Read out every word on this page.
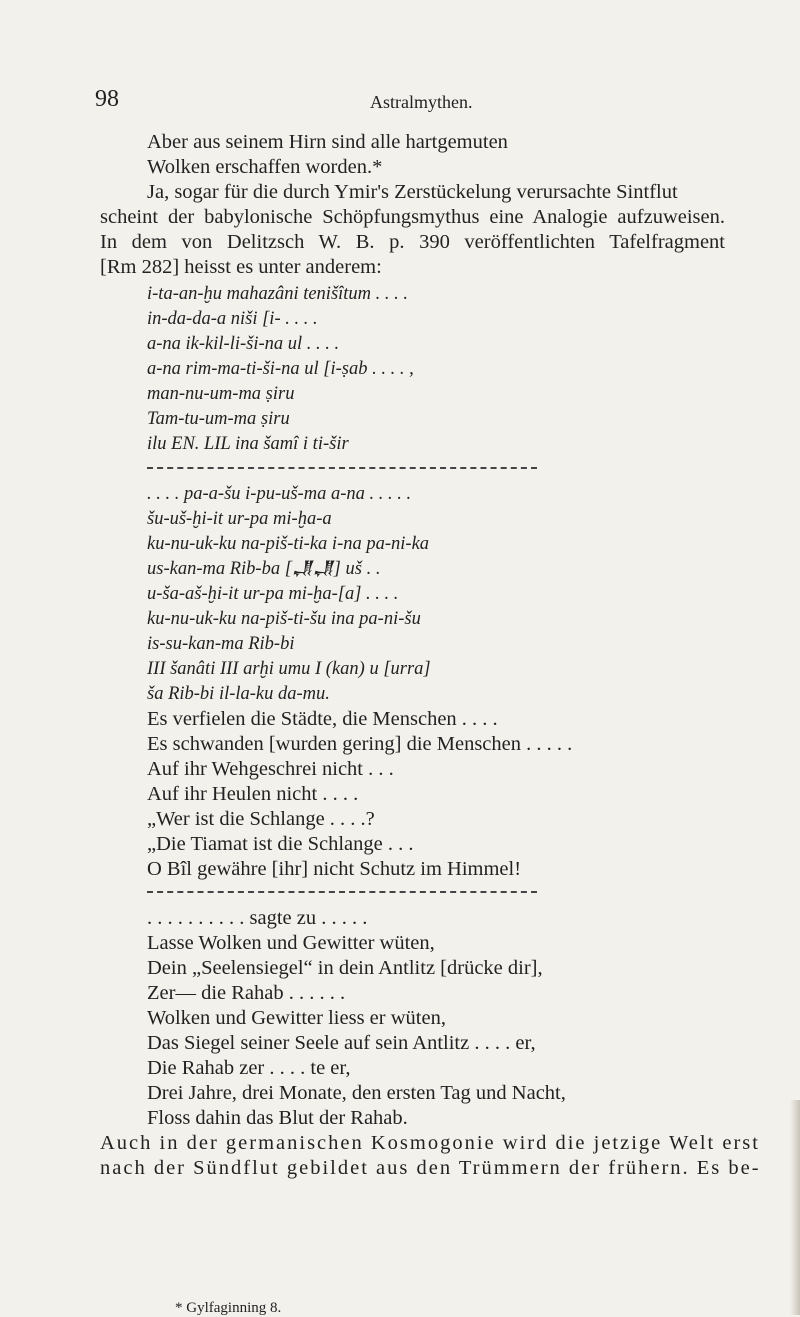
98	Astralmythen.
Aber aus seinem Hirn sind alle hartgemuten
Wolken erschaffen worden.*
Ja, sogar für die durch Ymir's Zerstückelung verursachte Sintflut
scheint der babylonische Schöpfungsmythus eine Analogie aufzuweisen.
In dem von Delitzsch W. B. p. 390 veröffentlichten Tafelfragment
[Rm 282] heisst es unter anderem:
i-ta-an-ḫu mahazâni tenišîtum . . . .
in-da-da-a niši [i- . . . .
a-na ik-kil-li-ši-na ul . . . .
a-na rim-ma-ti-ši-na ul [i-ṣab . . . . ,
man-nu-um-ma ṣiru
Tam-tu-um-ma ṣiru
ilu EN. LIL ina šamî i ti-šir
. . . . pa-a-šu i-pu-uš-ma a-na . . . . .
šu-uš-ḫi-it ur-pa mi-ḫa-a
ku-nu-uk-ku na-piš-ti-ka i-na pa-ni-ka
us-kan-ma Rib-ba [𒂗𒂗] uš . .
u-ša-aš-ḫi-it ur-pa mi-ḫa-[a] . . . .
ku-nu-uk-ku na-piš-ti-šu ina pa-ni-šu
is-su-kan-ma Rib-bi
III šanâti III arḫi umu I (kan) u [urra]
ša Rib-bi il-la-ku da-mu.
Es verfielen die Städte, die Menschen . . . .
Es schwanden [wurden gering] die Menschen . . . . .
Auf ihr Wehgeschrei nicht . . .
Auf ihr Heulen nicht . . . .
„Wer ist die Schlange . . . .?
„Die Tiamat ist die Schlange . . .
O Bîl gewähre [ihr] nicht Schutz im Himmel!
. . . . . . . . . . sagte zu . . . . .
Lasse Wolken und Gewitter wüten,
Dein „Seelensiegel“ in dein Antlitz [drücke dir],
Zer— die Rahab . . . . . .
Wolken und Gewitter liess er wüten,
Das Siegel seiner Seele auf sein Antlitz . . . . er,
Die Rahab zer . . . . te er,
Drei Jahre, drei Monate, den ersten Tag und Nacht,
Floss dahin das Blut der Rahab.
Auch in der germanischen Kosmogonie wird die jetzige Welt erst
nach der Sündflut gebildet aus den Trümmern der frühern. Es be-
* Gylfaginning 8.
